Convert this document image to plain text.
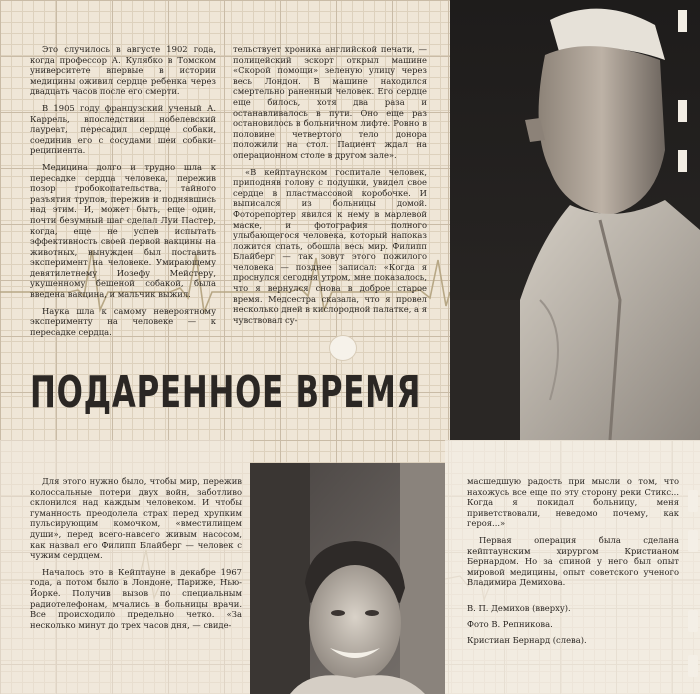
Это случилось в августе 1902 года, когда профессор А. Кулябко в Томском университете впервые в истории медицины оживил сердце ребенка через двадцать часов после его смерти.

В 1905 году французский ученый А. Каррель, впоследствии нобелевский лауреат, пересадил сердце собаки, соединив его с сосудами шеи собаки-реципиента.

Медицина долго и трудно шла к пересадке сердца человека, пережив позор гробокопательства, тайного разъятия трупов, пережив и поднявшись над этим. И, может быть, еще один, почти безумный шаг сделал Луи Пастер, когда, еще не успев испытать эффективность своей первой вакцины на животных, вынужден был поставить эксперимент на человеке. Умирающему девятилетнему Иозефу Мейстеру, укушенному бешеной собакой, была введена вакцина, и мальчик выжил.

Наука шла к самому невероятному эксперименту на человеке — к пересадке сердца.

тельствует хроника английской печати, — полицейский эскорт открыл машине «Скорой помощи» зеленую улицу через весь Лондон. В машине находился смертельно раненный человек. Его сердце еще билось, хотя два раза и останавливалось в пути. Оно еще раз остановилось в больничном лифте. Ровно в половине четвертого тело донора положили на стол. Пациент ждал на операционном столе в другом зале».

«В кейптаунском госпитале человек, приподняв голову с подушки, увидел свое сердце в пластмассовой коробочке. И выписался из больницы домой. Фоторепортер явился к нему в марлевой маске, и фотография полного улыбающегося человека, который напоказ ложится спать, обошла весь мир. Филипп Блайберг — так зовут этого пожилого человека — позднее записал: «Когда я проснулся сегодня утром, мне показалось, что я вернулся снова в доброе старое время. Медсестра сказала, что я провел несколько дней в кислородной палатке, а я чувствовал су-

ПОДАРЕННОЕ ВРЕМЯ

Для этого нужно было, чтобы мир, пережив колоссальные потери двух войн, заботливо склонился над каждым человеком. И чтобы гуманность преодолела страх перед хрупким пульсирующим комочком, «вместилищем души», перед всего-навсего живым насосом, как назвал его Филипп Блайберг — человек с чужим сердцем.

Началось это в Кейптауне в декабре 1967 года, а потом было в Лондоне, Париже, Нью-Йорке. Получив вызов по специальным радиотелефонам, мчались в больницы врачи. Все происходило предельно четко. «За несколько минут до трех часов дня, — свиде-

масшедшую радость при мысли о том, что нахожусь все еще по эту сторону реки Стикс... Когда я покидал больницу, меня приветствовали, неведомо почему, как героя...»

Первая операция была сделана кейптаунским хирургом Кристианом Бернардом. Но за спиной у него был опыт мировой медицины, опыт советского ученого Владимира Демихова.

В. П. Демихов (вверху).
Фото В. Репникова.
Кристиан Бернард (слева).
